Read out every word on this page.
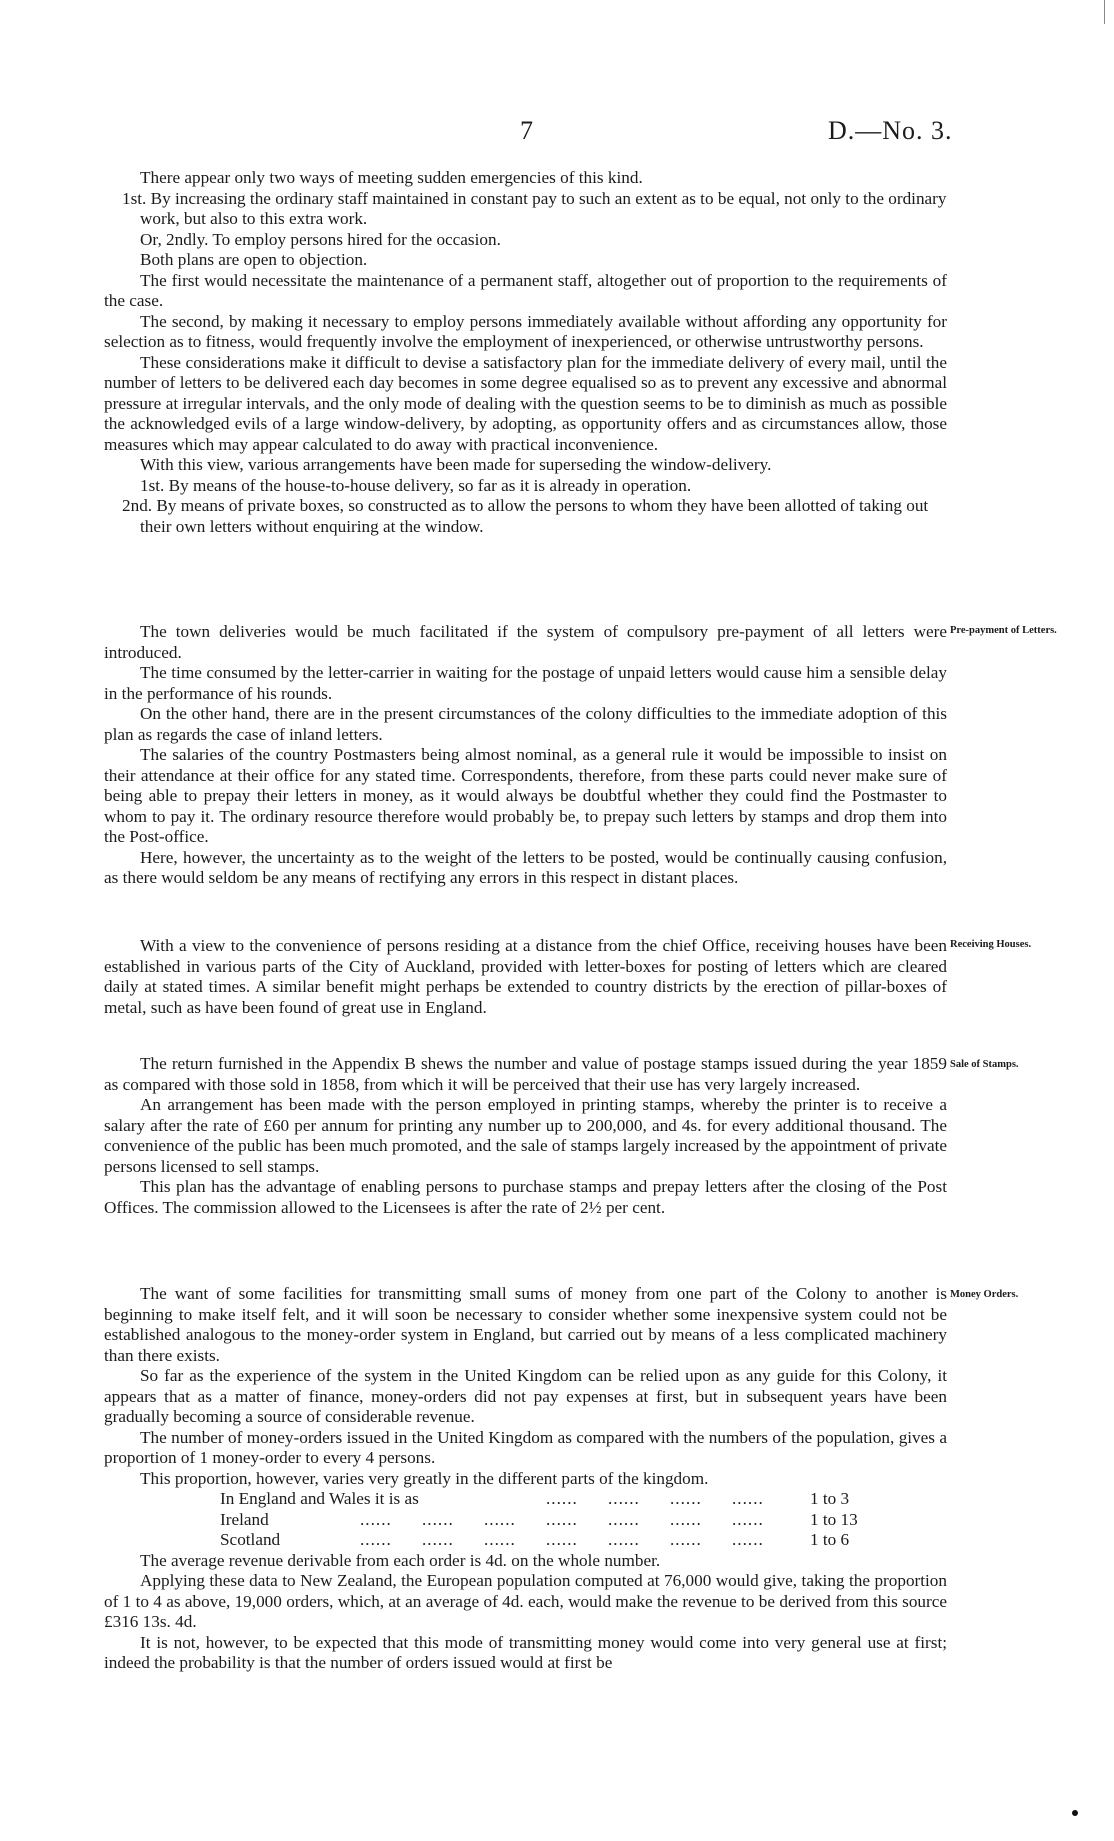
7	D.—No. 3.

There appear only two ways of meeting sudden emergencies of this kind.

1st. By increasing the ordinary staff maintained in constant pay to such an extent as to be equal, not only to the ordinary work, but also to this extra work.

Or, 2ndly. To employ persons hired for the occasion.

Both plans are open to objection.

The first would necessitate the maintenance of a permanent staff, altogether out of proportion to the requirements of the case.

The second, by making it necessary to employ persons immediately available without affording any opportunity for selection as to fitness, would frequently involve the employment of inexperienced, or otherwise untrustworthy persons.

These considerations make it difficult to devise a satisfactory plan for the immediate delivery of every mail, until the number of letters to be delivered each day becomes in some degree equalised so as to prevent any excessive and abnormal pressure at irregular intervals, and the only mode of dealing with the question seems to be to diminish as much as possible the acknowledged evils of a large window-delivery, by adopting, as opportunity offers and as circumstances allow, those measures which may appear calculated to do away with practical inconvenience.

With this view, various arrangements have been made for superseding the window-delivery.

1st. By means of the house-to-house delivery, so far as it is already in operation.

2nd. By means of private boxes, so constructed as to allow the persons to whom they have been allotted of taking out their own letters without enquiring at the window.

Pre-payment of Letters.

The town deliveries would be much facilitated if the system of compulsory pre-payment of all letters were introduced.

The time consumed by the letter-carrier in waiting for the postage of unpaid letters would cause him a sensible delay in the performance of his rounds.

On the other hand, there are in the present circumstances of the colony difficulties to the immediate adoption of this plan as regards the case of inland letters.

The salaries of the country Postmasters being almost nominal, as a general rule it would be impossible to insist on their attendance at their office for any stated time. Correspondents, therefore, from these parts could never make sure of being able to prepay their letters in money, as it would always be doubtful whether they could find the Postmaster to whom to pay it. The ordinary resource therefore would probably be, to prepay such letters by stamps and drop them into the Post-office.

Here, however, the uncertainty as to the weight of the letters to be posted, would be continually causing confusion, as there would seldom be any means of rectifying any errors in this respect in distant places.

Receiving Houses.

With a view to the convenience of persons residing at a distance from the chief Office, receiving houses have been established in various parts of the City of Auckland, provided with letter-boxes for posting of letters which are cleared daily at stated times. A similar benefit might perhaps be extended to country districts by the erection of pillar-boxes of metal, such as have been found of great use in England.

Sale of Stamps.

The return furnished in the Appendix B shews the number and value of postage stamps issued during the year 1859 as compared with those sold in 1858, from which it will be perceived that their use has very largely increased.

An arrangement has been made with the person employed in printing stamps, whereby the printer is to receive a salary after the rate of £60 per annum for printing any number up to 200,000, and 4s. for every additional thousand. The convenience of the public has been much promoted, and the sale of stamps largely increased by the appointment of private persons licensed to sell stamps.

This plan has the advantage of enabling persons to purchase stamps and prepay letters after the closing of the Post Offices. The commission allowed to the Licensees is after the rate of 2½ per cent.

Money Orders.

The want of some facilities for transmitting small sums of money from one part of the Colony to another is beginning to make itself felt, and it will soon be necessary to consider whether some inexpensive system could not be established analogous to the money-order system in England, but carried out by means of a less complicated machinery than there exists.

So far as the experience of the system in the United Kingdom can be relied upon as any guide for this Colony, it appears that as a matter of finance, money-orders did not pay expenses at first, but in subsequent years have been gradually becoming a source of considerable revenue.

The number of money-orders issued in the United Kingdom as compared with the numbers of the population, gives a proportion of 1 money-order to every 4 persons.

This proportion, however, varies very greatly in the different parts of the kingdom.

In England and Wales it is as				......	......	......	......	1 to 3
Ireland	......	......	......	......	......	......	......	1 to 13
Scotland	......	......	......	......	......	......	......	1 to 6

The average revenue derivable from each order is 4d. on the whole number.

Applying these data to New Zealand, the European population computed at 76,000 would give, taking the proportion of 1 to 4 as above, 19,000 orders, which, at an average of 4d. each, would make the revenue to be derived from this source £316 13s. 4d.

It is not, however, to be expected that this mode of transmitting money would come into very general use at first; indeed the probability is that the number of orders issued would at first be
